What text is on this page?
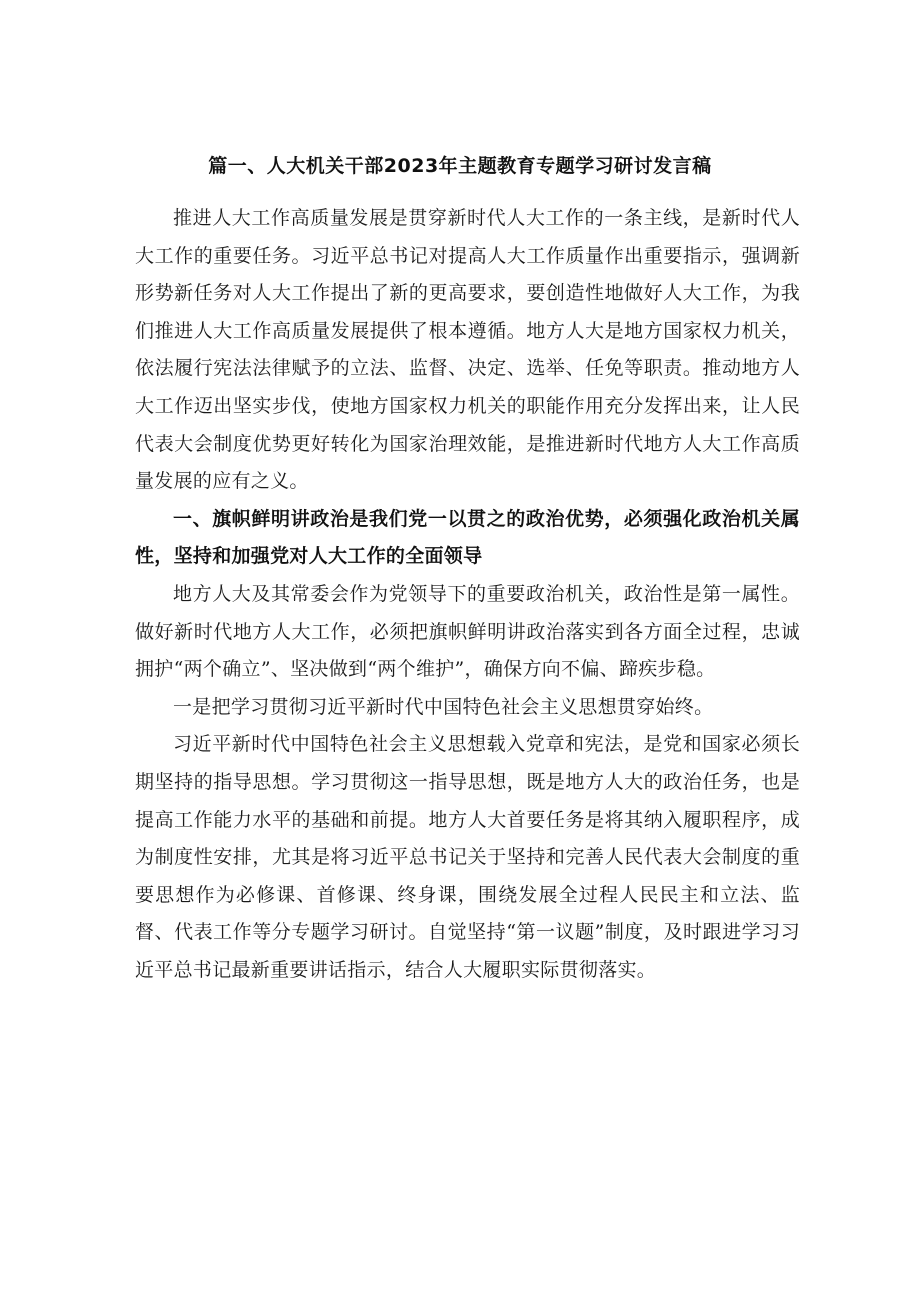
篇一、人大机关干部2023年主题教育专题学习研讨发言稿

推进人大工作高质量发展是贯穿新时代人大工作的一条主线，是新时代人大工作的重要任务。习近平总书记对提高人大工作质量作出重要指示，强调新形势新任务对人大工作提出了新的更高要求，要创造性地做好人大工作，为我们推进人大工作高质量发展提供了根本遵循。地方人大是地方国家权力机关，依法履行宪法法律赋予的立法、监督、决定、选举、任免等职责。推动地方人大工作迈出坚实步伐，使地方国家权力机关的职能作用充分发挥出来，让人民代表大会制度优势更好转化为国家治理效能，是推进新时代地方人大工作高质量发展的应有之义。

一、旗帜鲜明讲政治是我们党一以贯之的政治优势，必须强化政治机关属性，坚持和加强党对人大工作的全面领导

地方人大及其常委会作为党领导下的重要政治机关，政治性是第一属性。做好新时代地方人大工作，必须把旗帜鲜明讲政治落实到各方面全过程，忠诚拥护“两个确立”、坚决做到“两个维护”，确保方向不偏、蹄疾步稳。

一是把学习贯彻习近平新时代中国特色社会主义思想贯穿始终。

习近平新时代中国特色社会主义思想载入党章和宪法，是党和国家必须长期坚持的指导思想。学习贯彻这一指导思想，既是地方人大的政治任务，也是提高工作能力水平的基础和前提。地方人大首要任务是将其纳入履职程序，成为制度性安排，尤其是将习近平总书记关于坚持和完善人民代表大会制度的重要思想作为必修课、首修课、终身课，围绕发展全过程人民民主和立法、监督、代表工作等分专题学习研讨。自觉坚持“第一议题”制度，及时跟进学习习近平总书记最新重要讲话指示，结合人大履职实际贯彻落实。
